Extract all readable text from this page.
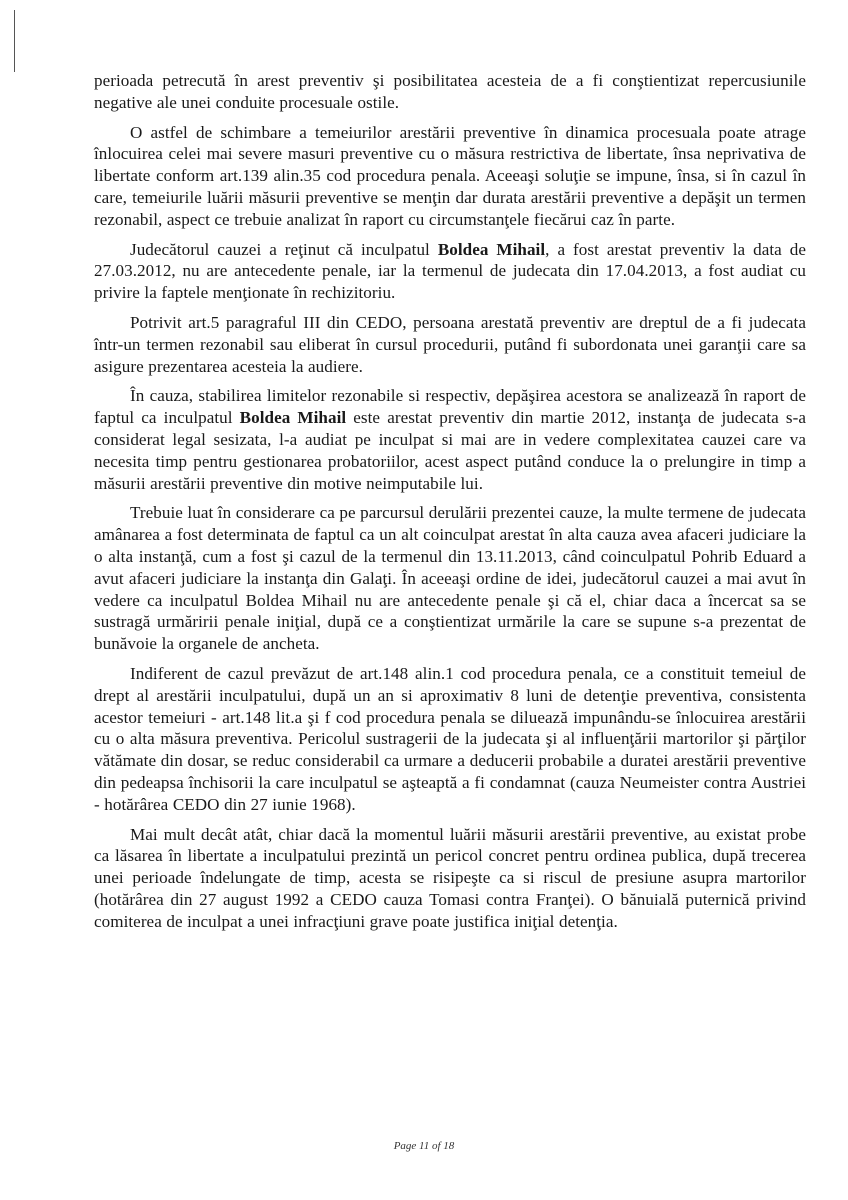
perioada petrecută în arest preventiv şi posibilitatea acesteia de a fi conştientizat repercusiunile negative ale unei conduite procesuale ostile.

O astfel de schimbare a temeiurilor arestării preventive în dinamica procesuala poate atrage înlocuirea celei mai severe masuri preventive cu o măsura restrictiva de libertate, însa neprivativa de libertate conform art.139 alin.35 cod procedura penala. Aceeaşi soluţie se impune, însa, si în cazul în care, temeiurile luării măsurii preventive se menţin dar durata arestării preventive a depăşit un termen rezonabil, aspect ce trebuie analizat în raport cu circumstanţele fiecărui caz în parte.

Judecătorul cauzei a reţinut că inculpatul Boldea Mihail, a fost arestat preventiv la data de 27.03.2012, nu are antecedente penale, iar la termenul de judecata din 17.04.2013, a fost audiat cu privire la faptele menţionate în rechizitoriu.

Potrivit art.5 paragraful III din CEDO, persoana arestată preventiv are dreptul de a fi judecata într-un termen rezonabil sau eliberat în cursul procedurii, putând fi subordonata unei garanţii care sa asigure prezentarea acesteia la audiere.

În cauza, stabilirea limitelor rezonabile si respectiv, depăşirea acestora se analizează în raport de faptul ca inculpatul Boldea Mihail este arestat preventiv din martie 2012, instanţa de judecata s-a considerat legal sesizata, l-a audiat pe inculpat si mai are in vedere complexitatea cauzei care va necesita timp pentru gestionarea probatoriilor, acest aspect putând conduce la o prelungire in timp a măsurii arestării preventive din motive neimputabile lui.

Trebuie luat în considerare ca pe parcursul derulării prezentei cauze, la multe termene de judecata amânarea a fost determinata de faptul ca un alt coinculpat arestat în alta cauza avea afaceri judiciare la o alta instanţă, cum a fost şi cazul de la termenul din 13.11.2013, când coinculpatul Pohrib Eduard a avut afaceri judiciare la instanţa din Galaţi. În aceeaşi ordine de idei, judecătorul cauzei a mai avut în vedere ca inculpatul Boldea Mihail nu are antecedente penale şi că el, chiar daca a încercat sa se sustragă urmăririi penale iniţial, după ce a conştientizat urmările la care se supune s-a prezentat de bunăvoie la organele de ancheta.

Indiferent de cazul prevăzut de art.148 alin.1 cod procedura penala, ce a constituit temeiul de drept al arestării inculpatului, după un an si aproximativ 8 luni de detenţie preventiva, consistenta acestor temeiuri - art.148 lit.a şi f cod procedura penala se diluează impunându-se înlocuirea arestării cu o alta măsura preventiva. Pericolul sustragerii de la judecata şi al influenţării martorilor şi părţilor vătămate din dosar, se reduc considerabil ca urmare a deducerii probabile a duratei arestării preventive din pedeapsa închisorii la care inculpatul se aşteaptă a fi condamnat (cauza Neumeister contra Austriei - hotărârea CEDO din 27 iunie 1968).

Mai mult decât atât, chiar dacă la momentul luării măsurii arestării preventive, au existat probe ca lăsarea în libertate a inculpatului prezintă un pericol concret pentru ordinea publica, după trecerea unei perioade îndelungate de timp, acesta se risipeşte ca si riscul de presiune asupra martorilor (hotărârea din 27 august 1992 a CEDO cauza Tomasi contra Franţei). O bănuială puternică privind comiterea de inculpat a unei infracţiuni grave poate justifica iniţial detenţia.

Page 11 of 18
